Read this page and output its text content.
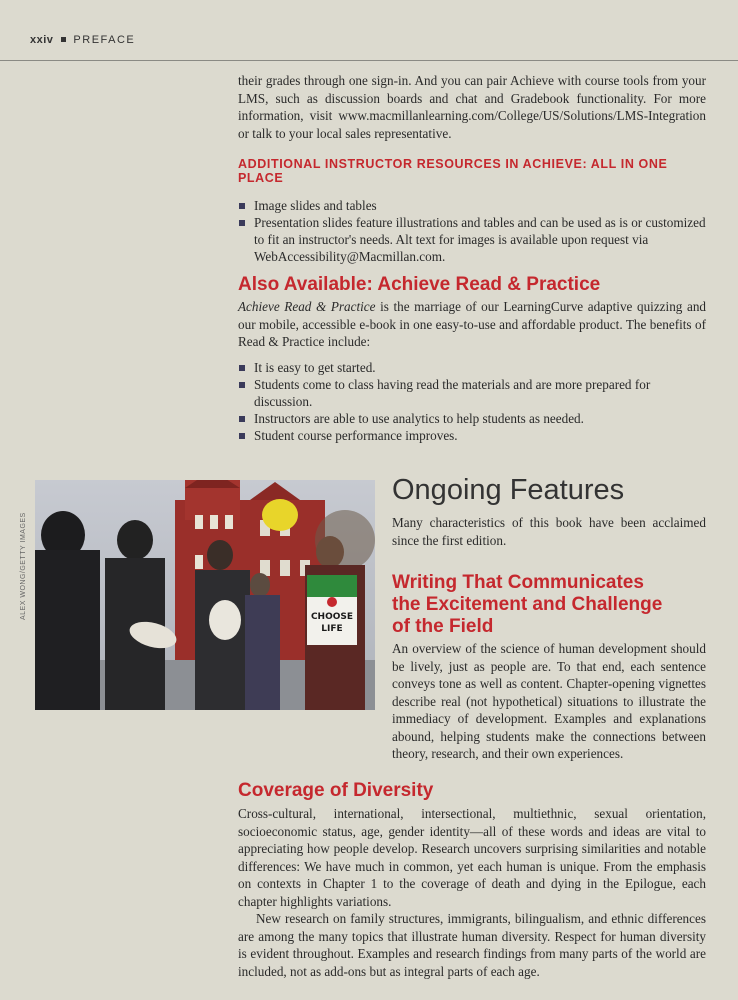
xxiv PREFACE

their grades through one sign-in. And you can pair Achieve with course tools from your LMS, such as discussion boards and chat and Gradebook functionality. For more information, visit www.macmillanlearning.com/College/US/Solutions/LMS-Integration or talk to your local sales representative.

ADDITIONAL INSTRUCTOR RESOURCES IN ACHIEVE: ALL IN ONE PLACE
Image slides and tables
Presentation slides feature illustrations and tables and can be used as is or customized to fit an instructor's needs. Alt text for images is available upon request via WebAccessibility@Macmillan.com.
Also Available: Achieve Read & Practice

Achieve Read & Practice is the marriage of our LearningCurve adaptive quizzing and our mobile, accessible e-book in one easy-to-use and affordable product. The benefits of Read & Practice include:

It is easy to get started.
Students come to class having read the materials and are more prepared for discussion.
Instructors are able to use analytics to help students as needed.
Student course performance improves.
ALEX WONG/GETTY IMAGES	CHOOSE
LIFE
Ongoing Features

Many characteristics of this book have been acclaimed since the first edition.

Writing That Communicates
the Excitement and Challenge
of the Field

An overview of the science of human development should be lively, just as people are. To that end, each sentence conveys tone as well as content. Chapter-opening vignettes describe real (not hypothetical) situations to illustrate the immediacy of development. Examples and explanations abound, helping students make the connections between theory, research, and their own experiences.

Coverage of Diversity

Cross-cultural, international, intersectional, multiethnic, sexual orientation, socioeconomic status, age, gender identity—all of these words and ideas are vital to appreciating how people develop. Research uncovers surprising similarities and notable differences: We have much in common, yet each human is unique. From the emphasis on contexts in Chapter 1 to the coverage of death and dying in the Epilogue, each chapter highlights variations.

New research on family structures, immigrants, bilingualism, and ethnic differences are among the many topics that illustrate human diversity. Respect for human diversity is evident throughout. Examples and research findings from many parts of the world are included, not as add-ons but as integral parts of each age.
